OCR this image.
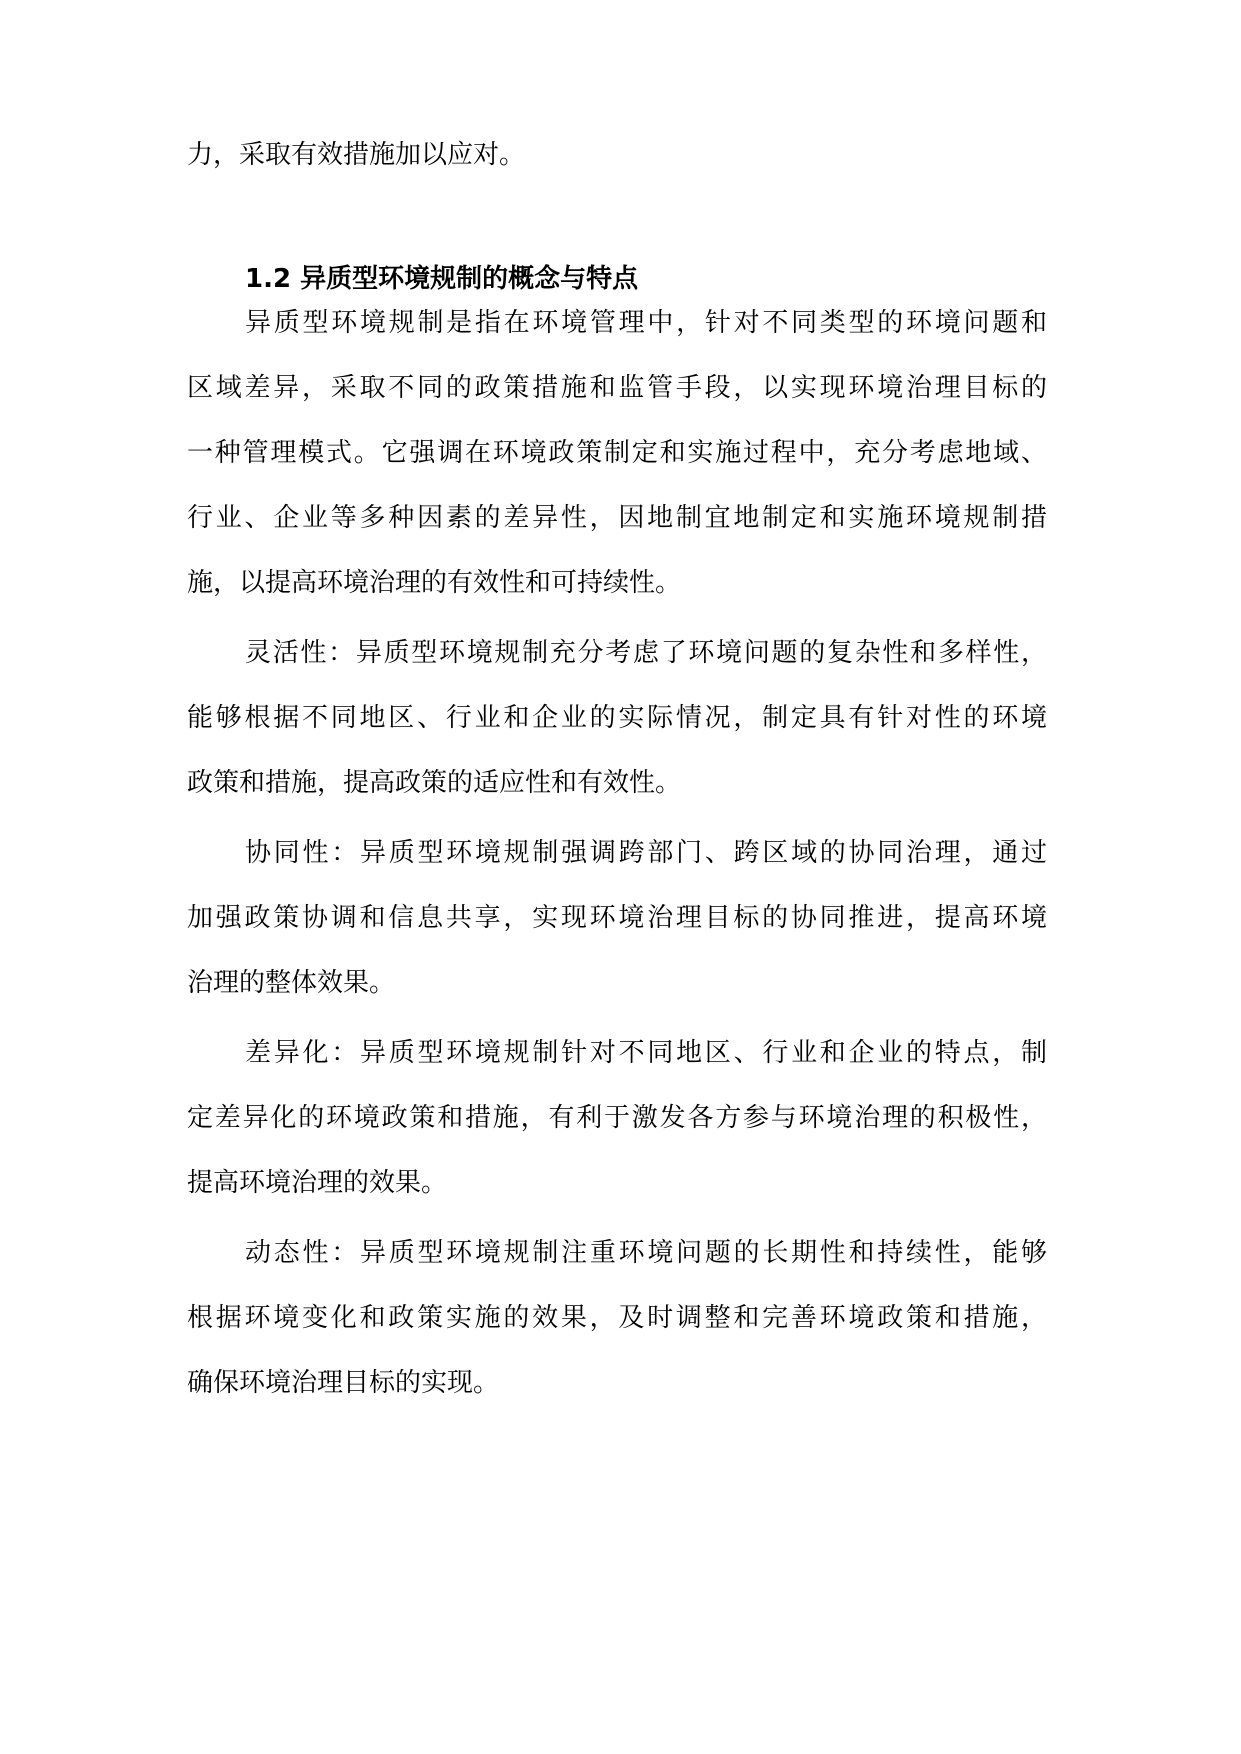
力，采取有效措施加以应对。

1.2 异质型环境规制的概念与特点

异质型环境规制是指在环境管理中，针对不同类型的环境问题和

区域差异，采取不同的政策措施和监管手段，以实现环境治理目标的

一种管理模式。它强调在环境政策制定和实施过程中，充分考虑地域、

行业、企业等多种因素的差异性，因地制宜地制定和实施环境规制措

施，以提高环境治理的有效性和可持续性。

灵活性：异质型环境规制充分考虑了环境问题的复杂性和多样性，

能够根据不同地区、行业和企业的实际情况，制定具有针对性的环境

政策和措施，提高政策的适应性和有效性。

协同性：异质型环境规制强调跨部门、跨区域的协同治理，通过

加强政策协调和信息共享，实现环境治理目标的协同推进，提高环境

治理的整体效果。

差异化：异质型环境规制针对不同地区、行业和企业的特点，制

定差异化的环境政策和措施，有利于激发各方参与环境治理的积极性，

提高环境治理的效果。

动态性：异质型环境规制注重环境问题的长期性和持续性，能够

根据环境变化和政策实施的效果，及时调整和完善环境政策和措施，

确保环境治理目标的实现。
